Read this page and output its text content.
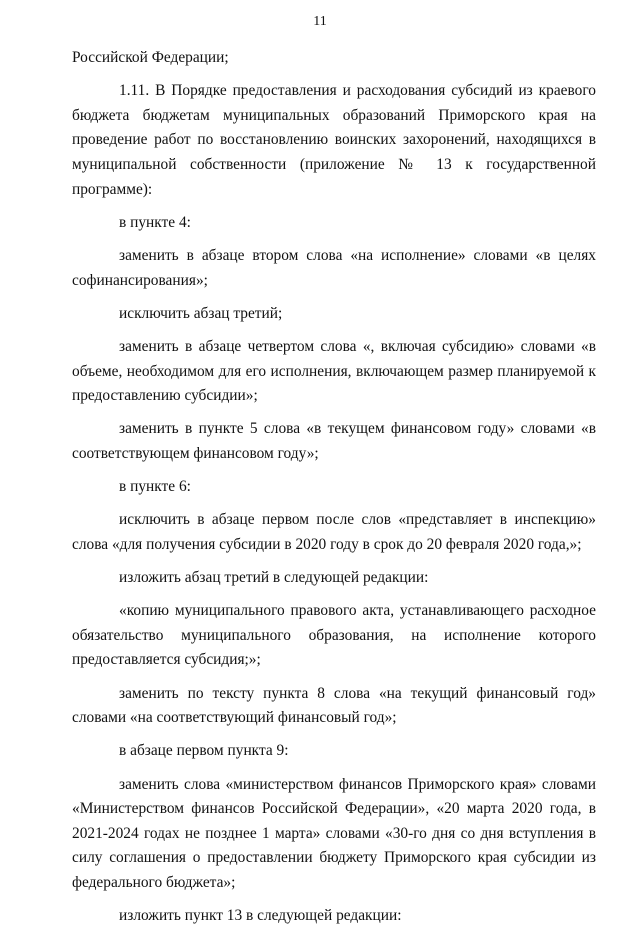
11

Российской Федерации;

1.11. В Порядке предоставления и расходования субсидий из краевого бюджета бюджетам муниципальных образований Приморского края на проведение работ по восстановлению воинских захоронений, находящихся в муниципальной собственности (приложение № 13 к государственной программе):

в пункте 4:

заменить в абзаце втором слова «на исполнение» словами «в целях софинансирования»;

исключить абзац третий;

заменить в абзаце четвертом слова «, включая субсидию» словами «в объеме, необходимом для его исполнения, включающем размер планируемой к предоставлению субсидии»;

заменить в пункте 5 слова «в текущем финансовом году» словами «в соответствующем финансовом году»;

в пункте 6:

исключить в абзаце первом после слов «представляет в инспекцию» слова «для получения субсидии в 2020 году в срок до 20 февраля 2020 года,»;

изложить абзац третий в следующей редакции:

«копию муниципального правового акта, устанавливающего расходное обязательство муниципального образования, на исполнение которого предоставляется субсидия;»;

заменить по тексту пункта 8 слова «на текущий финансовый год» словами «на соответствующий финансовый год»;

в абзаце первом пункта 9:

заменить слова «министерством финансов Приморского края» словами «Министерством финансов Российской Федерации», «20 марта 2020 года, в 2021-2024 годах не позднее 1 марта» словами «30-го дня со дня вступления в силу соглашения о предоставлении бюджету Приморского края субсидии из федерального бюджета»;

изложить пункт 13 в следующей редакции:
